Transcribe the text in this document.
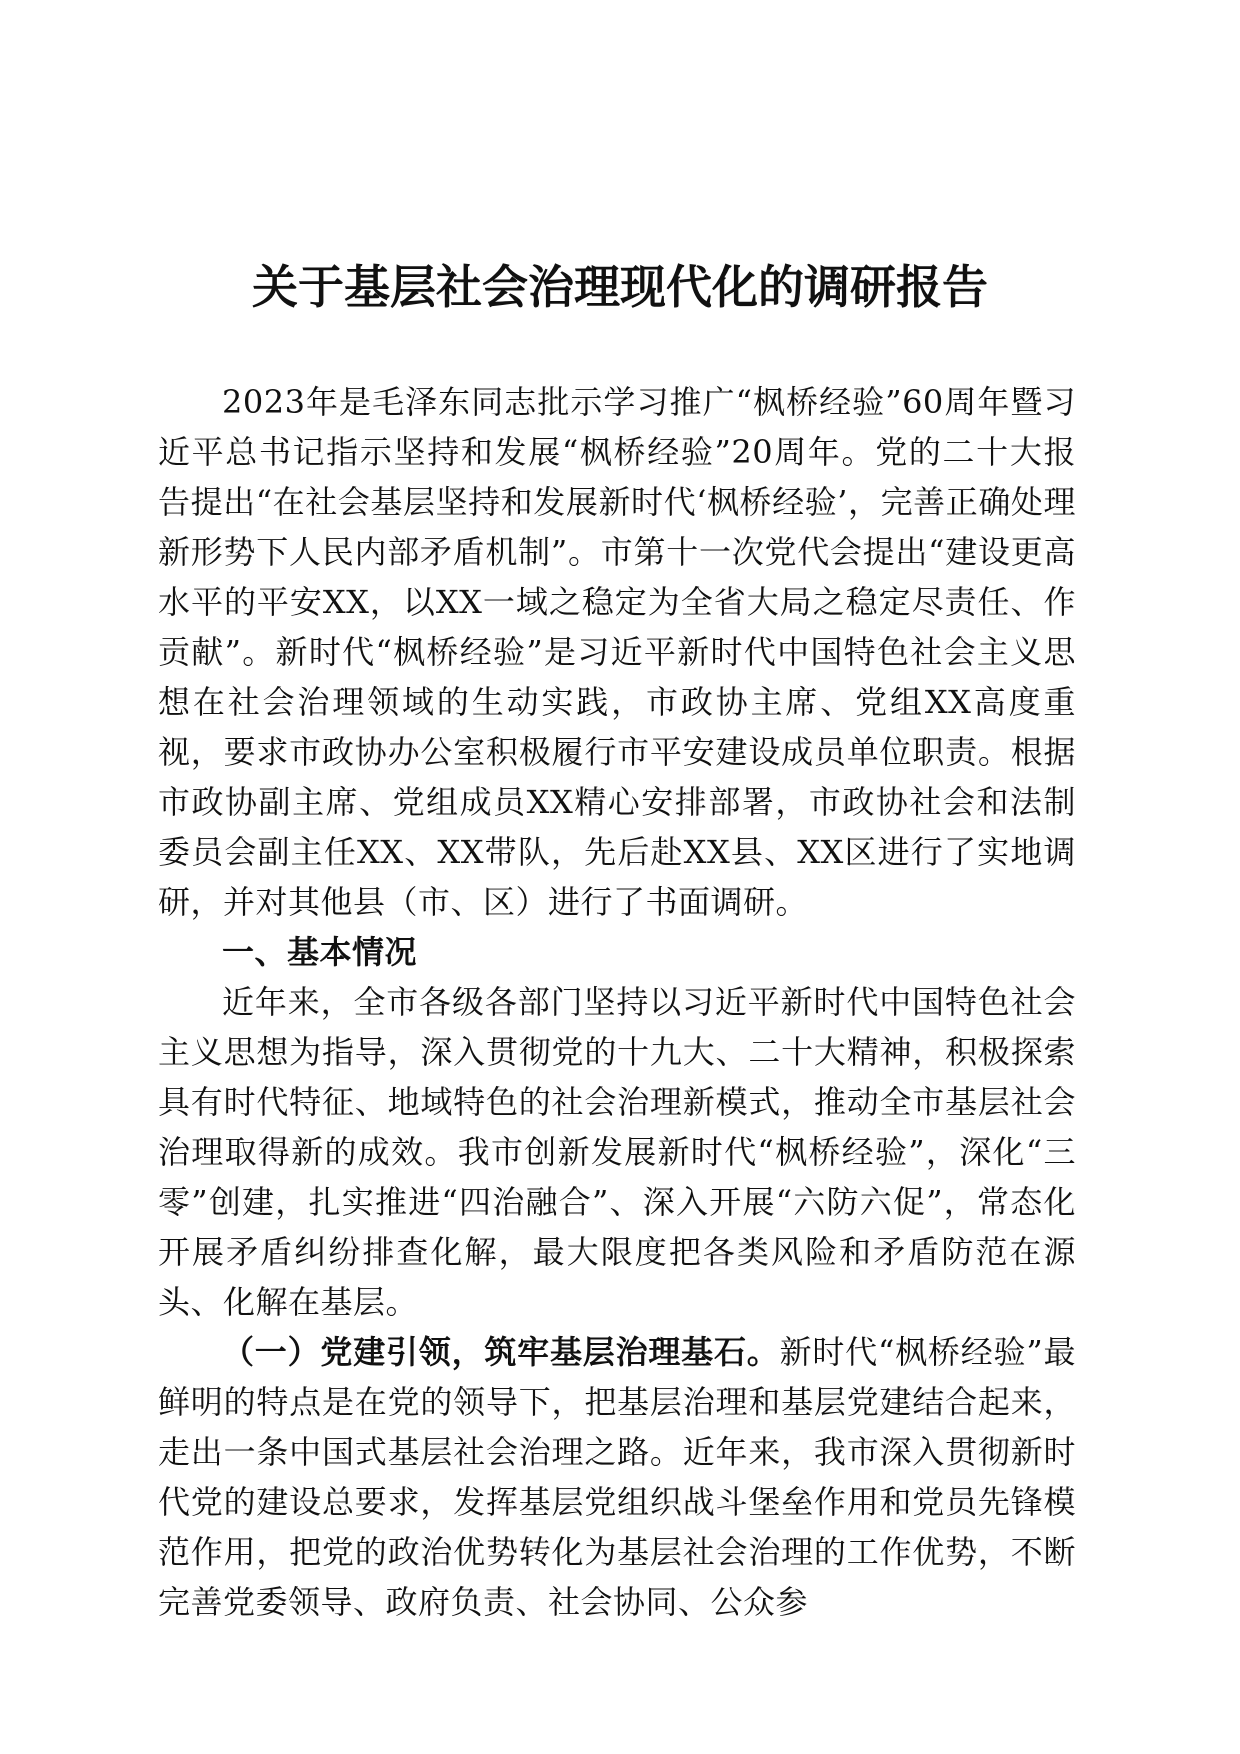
关于基层社会治理现代化的调研报告

2023年是毛泽东同志批示学习推广“枫桥经验”60周年暨习近平总书记指示坚持和发展“枫桥经验”20周年。党的二十大报告提出“在社会基层坚持和发展新时代‘枫桥经验’，完善正确处理新形势下人民内部矛盾机制”。市第十一次党代会提出“建设更高水平的平安XX，以XX一域之稳定为全省大局之稳定尽责任、作贡献”。新时代“枫桥经验”是习近平新时代中国特色社会主义思想在社会治理领域的生动实践，市政协主席、党组XX高度重视，要求市政协办公室积极履行市平安建设成员单位职责。根据市政协副主席、党组成员XX精心安排部署，市政协社会和法制委员会副主任XX、XX带队，先后赴XX县、XX区进行了实地调研，并对其他县（市、区）进行了书面调研。

一、基本情况

近年来，全市各级各部门坚持以习近平新时代中国特色社会主义思想为指导，深入贯彻党的十九大、二十大精神，积极探索具有时代特征、地域特色的社会治理新模式，推动全市基层社会治理取得新的成效。我市创新发展新时代“枫桥经验”，深化“三零”创建，扎实推进“四治融合”、深入开展“六防六促”，常态化开展矛盾纠纷排查化解，最大限度把各类风险和矛盾防范在源头、化解在基层。

（一）党建引领，筑牢基层治理基石。新时代“枫桥经验”最鲜明的特点是在党的领导下，把基层治理和基层党建结合起来，走出一条中国式基层社会治理之路。近年来，我市深入贯彻新时代党的建设总要求，发挥基层党组织战斗堡垒作用和党员先锋模范作用，把党的政治优势转化为基层社会治理的工作优势，不断完善党委领导、政府负责、社会协同、公众参
